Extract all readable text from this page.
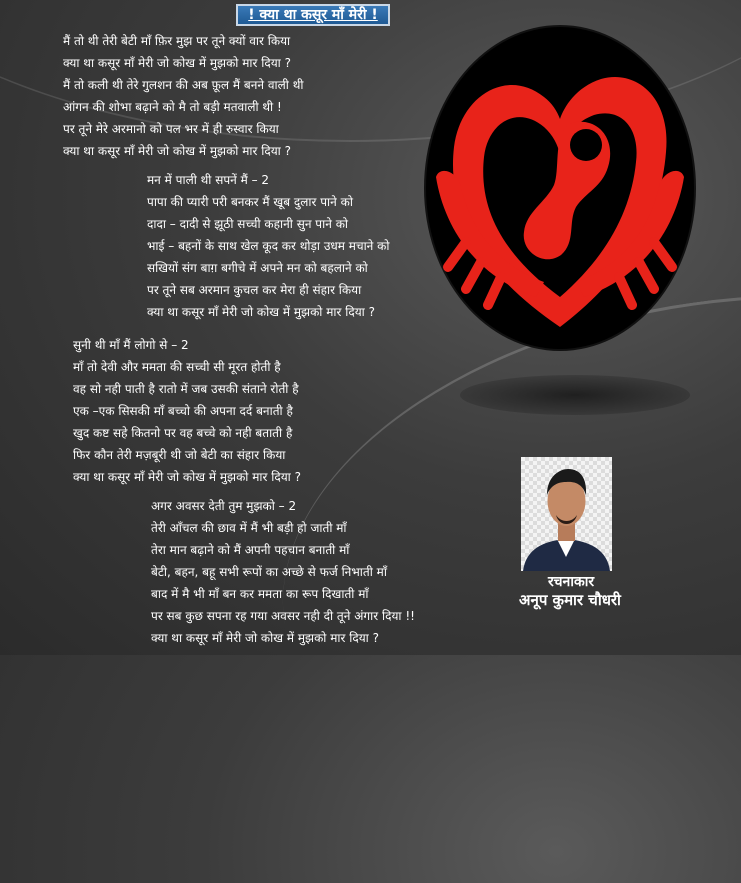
! क्या था कसूर माँ मेरी !
मैं तो थी तेरी बेटी माँ फ़िर मुझ पर तूने क्यों वार किया
क्या था कसूर माँ मेरी जो कोख में मुझको मार दिया ?
मैं तो कली थी तेरे गुलशन की अब फ़ूल मैं बनने वाली थी
आंगन की शोभा बढ़ाने को मै तो बड़ी मतवाली थी !
पर तूने मेरे अरमानो को पल भर में ही रुस्वार किया
क्या था कसूर माँ मेरी जो कोख में मुझको मार दिया ?
मन में पाली थी सपनें मैं – 2
पापा की प्यारी परी बनकर मैं खूब दुलार पाने को
दादा – दादी से झूठी सच्ची कहानी सुन पाने को
भाई – बहनों के साथ खेल कूद कर थोड़ा उधम मचाने को
सखियों संग बाग़ बगीचे में अपने मन को बहलाने को
पर तूने सब अरमान कुचल कर मेरा ही संहार किया
क्या था कसूर माँ मेरी जो कोख में मुझको मार दिया ?
सुनी थी माँ मैं लोगो से – 2
माँ तो देवी और ममता की सच्ची सी मूरत होती है
वह सो नही पाती है रातो में जब उसकी संताने रोती है
एक –एक सिसकी माँ बच्चो की अपना दर्द बनाती है
खुद कष्ट सहे कितनो पर वह बच्चे को नही बताती है
फिर कौन तेरी मज़बूरी थी जो बेटी का संहार किया
क्या था कसूर माँ मेरी जो कोख में मुझको मार दिया ?
अगर अवसर देती तुम मुझको – 2
तेरी आँचल की छाव में मैं भी बड़ी हो जाती माँ
तेरा मान बढ़ाने को मैं अपनी पहचान बनाती माँ
बेटी, बहन, बहू सभी रूपों का अच्छे से फर्ज निभाती माँ
बाद में मै भी माँ बन कर ममता का रूप दिखाती माँ
पर सब कुछ सपना रह गया अवसर नही दी तूने अंगार दिया !!
क्या था कसूर माँ मेरी जो कोख में मुझको मार दिया ?
रचनाकार
अनूप कुमार चौधरी
